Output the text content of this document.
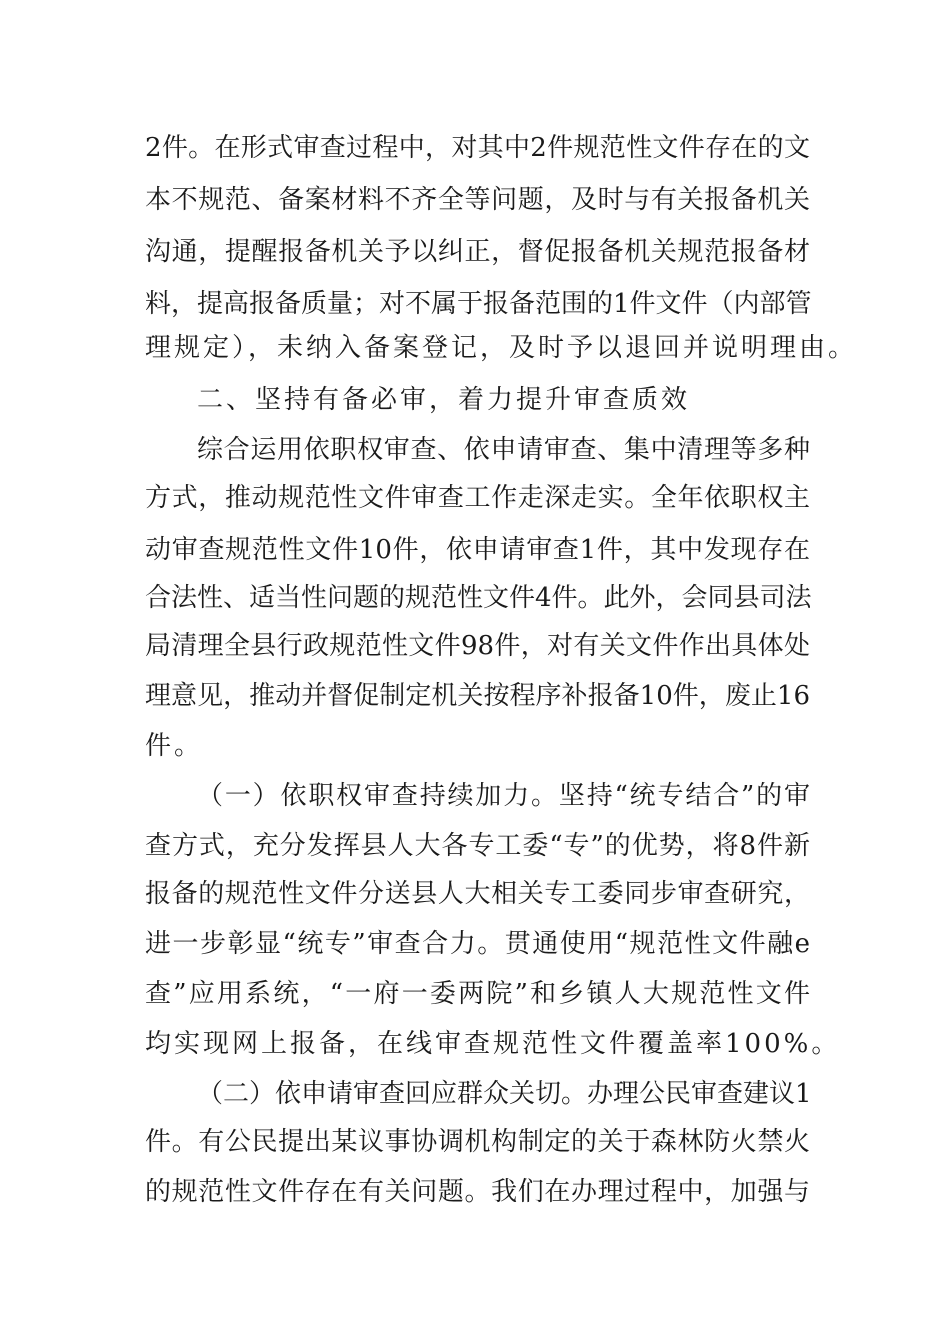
2件。在形式审查过程中，对其中2件规范性文件存在的文
本不规范、备案材料不齐全等问题，及时与有关报备机关
沟通，提醒报备机关予以纠正，督促报备机关规范报备材
料，提高报备质量；对不属于报备范围的1件文件（内部管
理规定），未纳入备案登记，及时予以退回并说明理由。
二、坚持有备必审，着力提升审查质效
综合运用依职权审查、依申请审查、集中清理等多种
方式，推动规范性文件审查工作走深走实。全年依职权主
动审查规范性文件10件，依申请审查1件，其中发现存在
合法性、适当性问题的规范性文件4件。此外，会同县司法
局清理全县行政规范性文件98件，对有关文件作出具体处
理意见，推动并督促制定机关按程序补报备10件，废止16
件。
（一）依职权审查持续加力。坚持“统专结合”的审
查方式，充分发挥县人大各专工委“专”的优势，将8件新
报备的规范性文件分送县人大相关专工委同步审查研究，
进一步彰显“统专”审查合力。贯通使用“规范性文件融e
查”应用系统，“一府一委两院”和乡镇人大规范性文件
均实现网上报备，在线审查规范性文件覆盖率100%。
（二）依申请审查回应群众关切。办理公民审查建议1
件。有公民提出某议事协调机构制定的关于森林防火禁火
的规范性文件存在有关问题。我们在办理过程中，加强与
